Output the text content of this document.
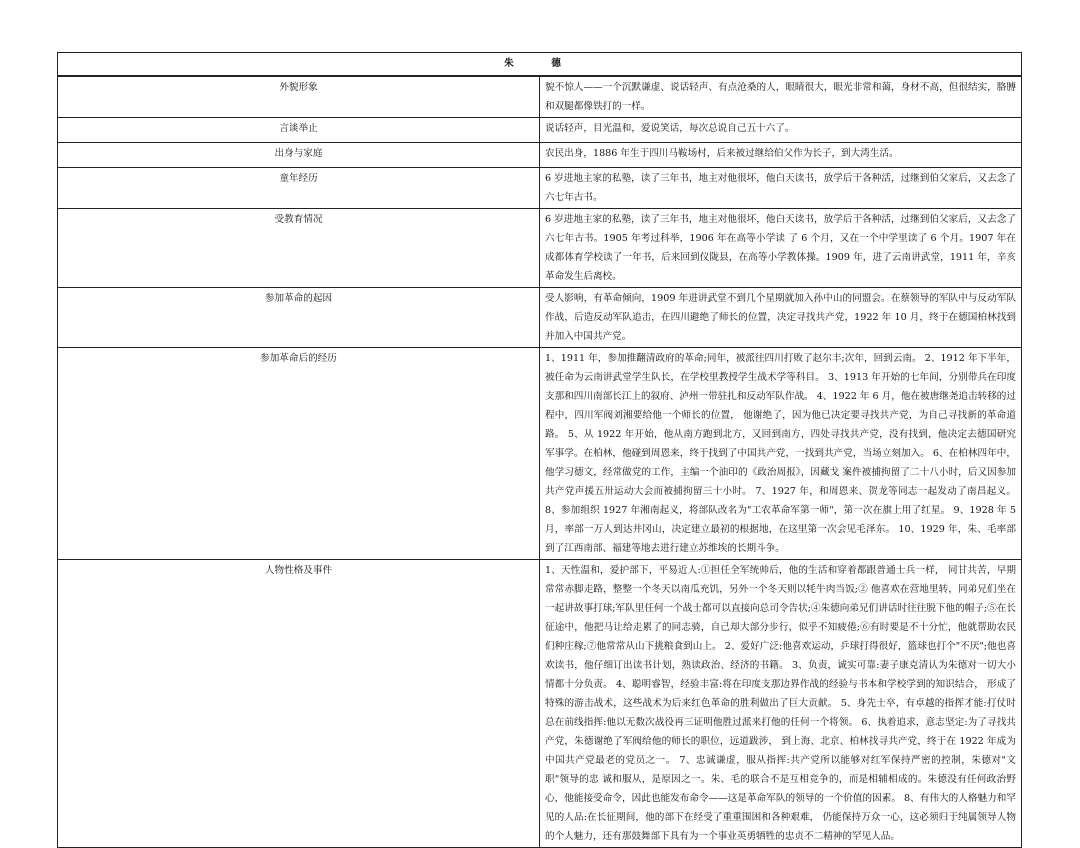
朱　德	
外貌形象	貌不惊人——一个沉默谦虚、说话轻声、有点沧桑的人，眼睛很大，眼光非常和蔼，身材不高，但很结实，胳膊和双腿都像铁打的一样。
言谈举止	说话轻声，目光温和，爱说笑话，每次总说自己五十六了。
出身与家庭	农民出身，1886 年生于四川马鞍场村，后来被过继给伯父作为长子，到大湾生活。
童年经历	6 岁进地主家的私塾，读了三年书，地主对他很坏，他白天读书，放学后干各种活，过继到伯父家后，又去念了六七年古书。
受教育情况	6 岁进地主家的私塾，读了三年书，地主对他很坏，他白天读书，放学后干各种活，过继到伯父家后，又去念了六七年古书。1905 年考过科举，1906 年在高等小学读 了 6 个月，又在一个中学里读了 6 个月。1907 年在成都体育学校读了一年书，后来回到仪陇县，在高等小学教体操。1909 年，进了云南讲武堂，1911 年，辛亥革命发生后离校。
参加革命的起因	受人影响，有革命倾向，1909 年进讲武堂不到几个星期就加入孙中山的同盟会。在蔡领导的军队中与反动军队作战，后造反动军队追击，在四川避绝了师长的位置，决定寻找共产党，1922 年 10 月，终于在德国柏林找到并加入中国共产党。
参加革命后的经历	1、1911 年，参加推翻清政府的革命;同年，被派往四川打败了赵尔丰;次年，回到云南。 2、1912 年下半年，被任命为云南讲武堂学生队长，在学校里教授学生战术学等科目。 3、1913 年开始的七年间，分别带兵在印度支那和四川南部长江上的叙府、泸州一带驻扎和反动军队作战。 4、1922 年 6 月，他在被唐继尧追击转移的过程中，四川军阀刘湘要给他一个师长的位置， 他谢绝了，因为他已决定要寻找共产党，为自己寻找新的革命道路。 5、从 1922 年开始，他从南方跑到北方，又回到南方，四处寻找共产党，没有找到，他决定去德国研究军事学。在柏林，他碰到周恩来，终于找到了中国共产党，一找到共产党，当场立刻加入。 6、在柏林四年中，他学习德文，经常做党的工作，主编一个油印的《政治周报》，因藏戈 案件被捕拘留了二十八小时，后又因参加共产党声援五卅运动大会而被捕拘留三十小时。 7、1927 年，和周恩来、贺龙等同志一起发动了南昌起义。 8、参加组织 1927 年湘南起义，将部队改名为"工农革命军第一师"，第一次在旗上用了红星。 9、1928 年 5 月，率部一万人到达井冈山，决定建立最初的根据地，在这里第一次会见毛泽东。 10、1929 年，朱、毛率部到了江西南部、福建等地去进行建立苏维埃的长期斗争。
人物性格及事件	1、天性温和，爱护部下，平易近人:①担任全军统帅后，他的生活和穿着都跟普通士兵一样， 同甘共苦，早期常常赤脚走路，整整一个冬天以南瓜充饥，另外一个冬天则以牦牛肉当饭;② 他喜欢在营地里转，同弟兄们坐在一起讲故事打球;军队里任何一个战士都可以直接向总司令告状;④朱德向弟兄们讲话时往往脱下他的帽子;⑤在长征途中，他把马让给走累了的同志骑，自己却大部分步行，似乎不知疲倦;⑥有时要是不十分忙，他就帮助农民们种庄稼;⑦他常常从山下挑粮食到山上。 2、爱好广泛:他喜欢运动，乒球打得很好，篮球也打个"不厌";他也喜欢读书，他仔细订出读书计划，熟读政治、经济的书籍。 3、负责，诚实可靠:妻子康克清认为朱德对一切大小情都十分负责。 4、聪明睿智，经验丰富:将在印度支那边界作战的经验与书本和学校学到的知识结合， 形成了特殊的游击战术，这些战术为后来红色革命的胜利做出了巨大贡献。 5、身先士卒，有卓越的指挥才能:打仗时总在前线指挥:他以无数次战役再三证明他胜过派来打他的任何一个将领。 6、执着追求，意志坚定:为了寻找共产党，朱德谢绝了军阀给他的师长的职位，远道跋涉， 到上海、北京、柏林找寻共产党，终于在 1922 年成为中国共产党最老的党员之一。 7、忠诚谦虚，服从指挥:共产党所以能够对红军保持严密的控制，朱德对"文职"领导的忠 诚和服从，是原因之一。朱、毛的联合不是互相竞争的，而是相辅相成的。朱德没有任何政治野心，他能接受命令，因此也能发布命令——这是革命军队的领导的一个价值的因素。 8、有伟大的人格魅力和罕见的人品:在长征期间，他的部下在经受了重重围困和各种艰难， 仍能保持万众一心，这必须归于纯属领导人物的个人魅力，还有那鼓舞部下具有为一个事业英勇牺牲的忠贞不二精神的罕见人品。
